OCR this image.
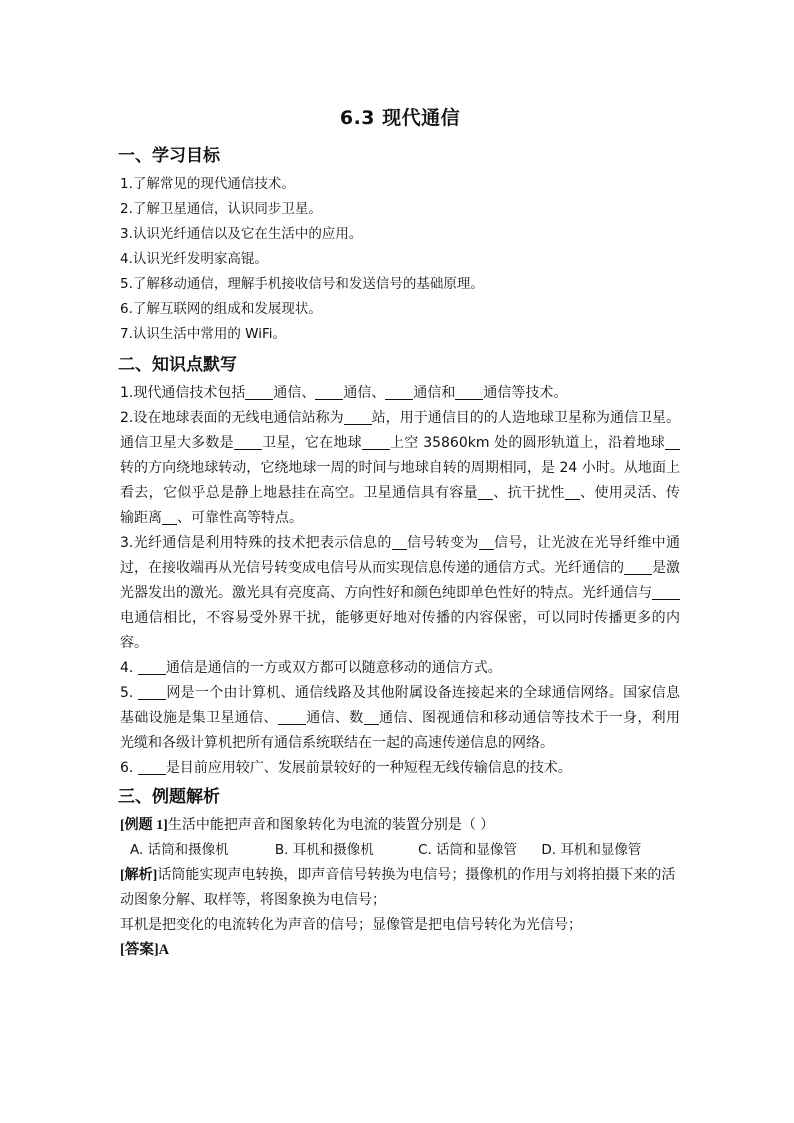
6.3 现代通信
一、学习目标
1.了解常见的现代通信技术。
2.了解卫星通信，认识同步卫星。
3.认识光纤通信以及它在生活中的应用。
4.认识光纤发明家高锟。
5.了解移动通信，理解手机接收信号和发送信号的基础原理。
6.了解互联网的组成和发展现状。
7.认识生活中常用的 WiFi。
二、知识点默写
1.现代通信技术包括 通信、 通信、 通信和 通信等技术。
2.设在地球表面的无线电通信站称为 站，用于通信目的的人造地球卫星称为通信卫星。通信卫星大多数是 卫星，它在地球 上空 35860km 处的圆形轨道上，沿着地球转的方向绕地球转动，它绕地球一周的时间与地球自转的周期相同，是 24 小时。从地面上看去，它似乎总是静上地悬挂在高空。卫星通信具有容量 、抗干扰性 、使用灵活、传输距离 、可靠性高等特点。
3.光纤通信是利用特殊的技术把表示信息的 信号转变为 信号，让光波在光导纤维中通过，在接收端再从光信号转变成电信号从而实现信息传递的通信方式。光纤通信的 是激光器发出的激光。激光具有亮度高、方向性好和颜色纯即单色性好的特点。光纤通信与电通信相比，不容易受外界干扰，能够更好地对传播的内容保密，可以同时传播更多的内容。
4. 通信是通信的一方或双方都可以随意移动的通信方式。
5. 网是一个由计算机、通信线路及其他附属设备连接起来的全球通信网络。国家信息基础设施是集卫星通信、 通信、数 通信、图视通信和移动通信等技术于一身，利用光缆和各级计算机把所有通信系统联结在一起的高速传递信息的网络。
6. 是目前应用较广、发展前景较好的一种短程无线传输信息的技术。
三、例题解析
[例题 1]生活中能把声音和图象转化为电流的装置分别是（ ）
A. 话筒和摄像机	B. 耳机和摄像机	C. 话筒和显像管 D. 耳机和显像管
[解析]话筒能实现声电转换，即声音信号转换为电信号；摄像机的作用与刘将拍摄下来的活动图象分解、取样等，将图象换为电信号；
耳机是把变化的电流转化为声音的信号；显像管是把电信号转化为光信号；
[答案]A
